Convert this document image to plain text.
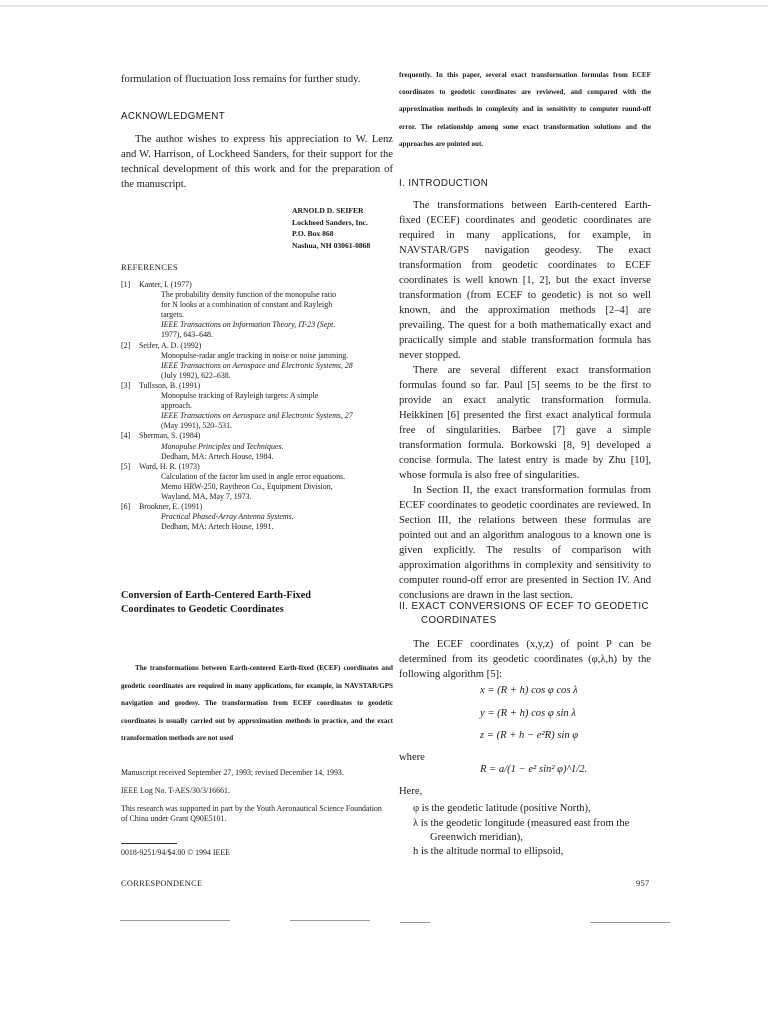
formulation of fluctuation loss remains for further study.

ACKNOWLEDGMENT

The author wishes to express his appreciation to W. Lenz and W. Harrison, of Lockheed Sanders, for their support for the technical development of this work and for the preparation of the manuscript.

ARNOLD D. SEIFER
Lockheed Sanders, Inc.
P.O. Box 868
Nashua, NH 03061-0868
REFERENCES
[1] Kanter, I. (1977)
The probability density function of the monopulse ratio
for N looks at a combination of constant and Rayleigh
targets.
IEEE Transactions on Information Theory, IT-23 (Sept.
1977), 643–648.
[2] Seifer, A. D. (1992)
Monopulse-radar angle tracking in noise or noise jamming.
IEEE Transactions on Aerospace and Electronic Systems, 28
(July 1992), 622–638.
[3] Tullsson, B. (1991)
Monopulse tracking of Rayleigh targets: A simple
approach.
IEEE Transactions on Aerospace and Electronic Systems, 27
(May 1991), 520–531.
[4] Sherman, S. (1984)
Monopulse Principles and Techniques.
Dedham, MA: Artech House, 1984.
[5] Ward, H. R. (1973)
Calculation of the factor km used in angle error equations.
Memo HRW-250, Raytheon Co., Equipment Division,
Wayland, MA, May 7, 1973.
[6] Brookner, E. (1991)
Practical Phased-Array Antenna Systems.
Dedham, MA: Artech House, 1991.
Conversion of Earth-Centered Earth-Fixed
Coordinates to Geodetic Coordinates

The transformations between Earth-centered Earth-fixed (ECEF) coordinates and geodetic coordinates are required in many applications, for example, in NAVSTAR/GPS navigation and geodesy. The transformation from ECEF coordinates to geodetic coordinates is usually carried out by approximation methods in practice, and the exact transformation methods are not used

Manuscript received September 27, 1993; revised December 14, 1993.
IEEE Log No. T-AES/30/3/16661.
This research was supported in part by the Youth Aeronautical Science Foundation of China under Grant Q90E5101.
0018-9251/94/$4.00 © 1994 IEEE
CORRESPONDENCE

frequently. In this paper, several exact transformation formulas from ECEF coordinates to geodetic coordinates are reviewed, and compared with the approximation methods in complexity and in sensitivity to computer round-off error. The relationship among some exact transformation solutions and the approaches are pointed out.

I. INTRODUCTION

The transformations between Earth-centered Earth-fixed (ECEF) coordinates and geodetic coordinates are required in many applications, for example, in NAVSTAR/GPS navigation geodesy. The exact transformation from geodetic coordinates to ECEF coordinates is well known [1, 2], but the exact inverse transformation (from ECEF to geodetic) is not so well known, and the approximation methods [2–4] are prevailing. The quest for a both mathematically exact and practically simple and stable transformation formula has never stopped.

There are several different exact transformation formulas found so far. Paul [5] seems to be the first to provide an exact analytic transformation formula. Heikkinen [6] presented the first exact analytical formula free of singularities. Barbee [7] gave a simple transformation formula. Borkowski [8, 9] developed a concise formula. The latest entry is made by Zhu [10], whose formula is also free of singularities.

In Section II, the exact transformation formulas from ECEF coordinates to geodetic coordinates are reviewed. In Section III, the relations between these formulas are pointed out and an algorithm analogous to a known one is given explicitly. The results of comparison with approximation algorithms in complexity and sensitivity to computer round-off error are presented in Section IV. And conclusions are drawn in the last section.

II. EXACT CONVERSIONS OF ECEF TO GEODETIC
COORDINATES

The ECEF coordinates (x,y,z) of point P can be determined from its geodetic coordinates (φ,λ,h) by the following algorithm [5]:

x = (R + h) cos φ cos λ
y = (R + h) cos φ sin λ
z = (R + h − e²R) sin φ
where
R = a/(1 − e² sin² φ)^1/2.
Here,
φ is the geodetic latitude (positive North),
λ is the geodetic longitude (measured east from the
Greenwich meridian),
h is the altitude normal to ellipsoid,
957
